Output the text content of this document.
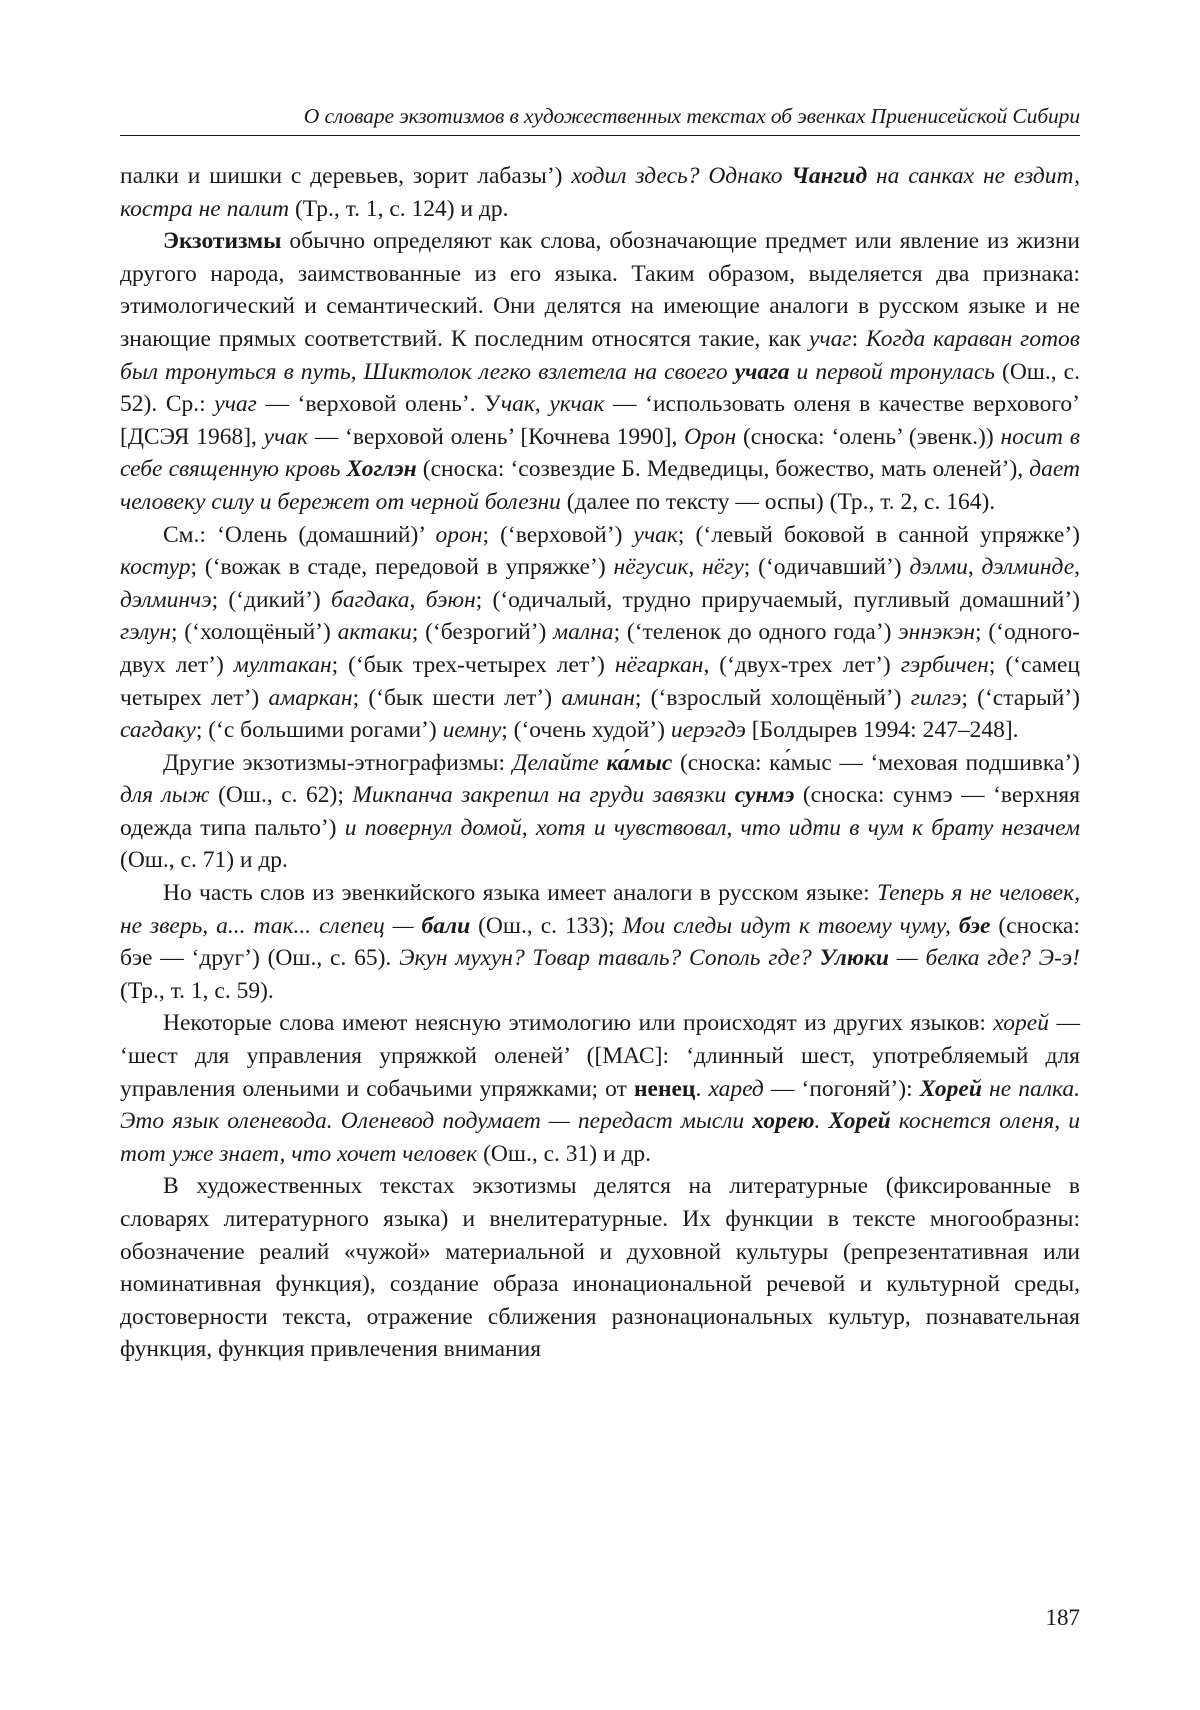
О словаре экзотизмов в художественных текстах об эвенках Приенисейской Сибири

палки и шишки с деревьев, зорит лабазы’) ходил здесь? Однако Чангид на санках не ездит, костра не палит (Тр., т. 1, с. 124) и др.

Экзотизмы обычно определяют как слова, обозначающие предмет или явление из жизни другого народа, заимствованные из его языка. Таким образом, выделяется два признака: этимологический и семантический. Они делятся на имеющие аналоги в русском языке и не знающие прямых соответствий. К последним относятся такие, как учаг: Когда караван готов был тронуться в путь, Шиктолок легко взлетела на своего учага и первой тронулась (Ош., с. 52). Ср.: учаг — ‘верховой олень’. Учак, укчак — ‘использовать оленя в качестве верхового’ [ДСЭЯ 1968], учак — ‘верховой олень’ [Кочнева 1990], Орон (сноска: ‘олень’ (эвенк.)) носит в себе священную кровь Хоглэн (сноска: ‘созвездие Б. Медведицы, божество, мать оленей’), дает человеку силу и бережет от черной болезни (далее по тексту — оспы) (Тр., т. 2, с. 164).

См.: ‘Олень (домашний)’ орон; (‘верховой’) учак; (‘левый боковой в санной упряжке’) костур; (‘вожак в стаде, передовой в упряжке’) нёгусик, нёгу; (‘одичавший’) дэлми, дэлминде, дэлминчэ; (‘дикий’) багдака, бэюн; (‘одичалый, трудно приручаемый, пугливый домашний’) гэлун; (‘холощёный’) актаки; (‘безрогий’) мална; (‘теленок до одного года’) эннэкэн; (‘одного-двух лет’) мултакан; (‘бык трех-четырех лет’) нёгаркан, (‘двух-трех лет’) гэрбичен; (‘самец четырех лет’) амаркан; (‘бык шести лет’) аминан; (‘взрослый холощёный’) гилгэ; (‘старый’) сагдаку; (‘с большими рогами’) иемну; (‘очень худой’) иерэгдэ [Болдырев 1994: 247–248].

Другие экзотизмы-этнографизмы: Делайте ка́мыс (сноска: ка́мыс — ‘меховая подшивка’) для лыж (Ош., с. 62); Микпанча закрепил на груди завязки сунмэ (сноска: сунмэ — ‘верхняя одежда типа пальто’) и повернул домой, хотя и чувствовал, что идти в чум к брату незачем (Ош., с. 71) и др.

Но часть слов из эвенкийского языка имеет аналоги в русском языке: Теперь я не человек, не зверь, а... так... слепец — бали (Ош., с. 133); Мои следы идут к твоему чуму, бэе (сноска: бэе — ‘друг’) (Ош., с. 65). Экун мухун? Товар таваль? Сополь где? Улюки — белка где? Э-э! (Тр., т. 1, с. 59).

Некоторые слова имеют неясную этимологию или происходят из других языков: хорей — ‘шест для управления упряжкой оленей’ ([МАС]: ‘длинный шест, употребляемый для управления оленьими и собачьими упряжками; от ненец. харед — ‘погоняй’): Хорей не палка. Это язык оленевода. Оленевод подумает — передаст мысли хорею. Хорей коснется оленя, и тот уже знает, что хочет человек (Ош., с. 31) и др.

В художественных текстах экзотизмы делятся на литературные (фиксированные в словарях литературного языка) и внелитературные. Их функции в тексте многообразны: обозначение реалий «чужой» материальной и духовной культуры (репрезентативная или номинативная функция), создание образа инонациональной речевой и культурной среды, достоверности текста, отражение сближения разнонациональных культур, познавательная функция, функция привлечения внимания

187
